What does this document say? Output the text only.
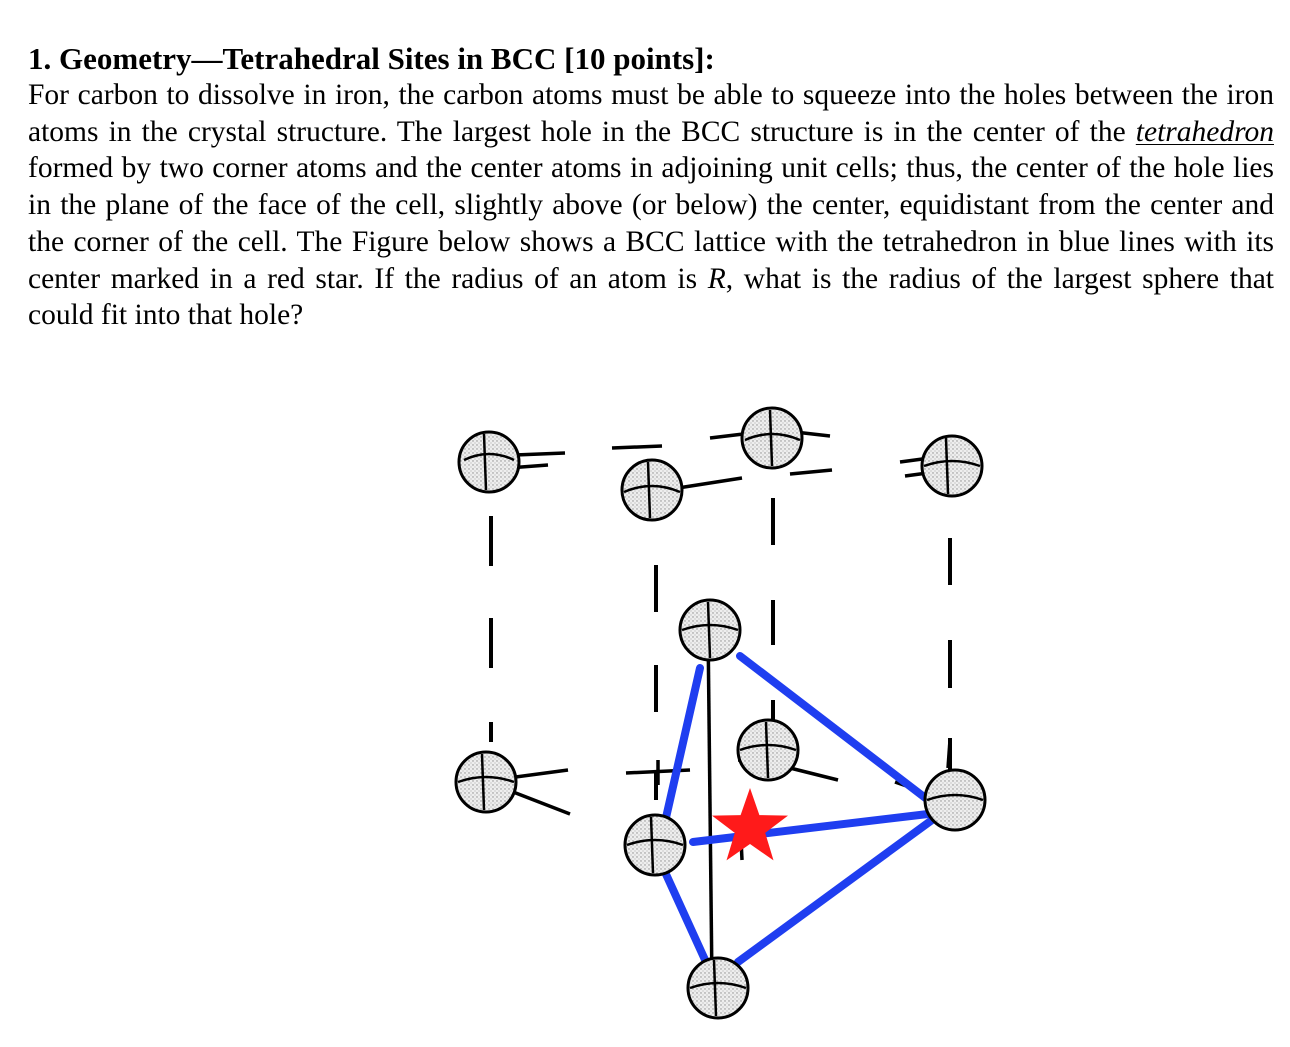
1. Geometry—Tetrahedral Sites in BCC [10 points]:

For carbon to dissolve in iron, the carbon atoms must be able to squeeze into the holes between the iron atoms in the crystal structure. The largest hole in the BCC structure is in the center of the tetrahedron formed by two corner atoms and the center atoms in adjoining unit cells; thus, the center of the hole lies in the plane of the face of the cell, slightly above (or below) the center, equidistant from the center and the corner of the cell. The Figure below shows a BCC lattice with the tetrahedron in blue lines with its center marked in a red star. If the radius of an atom is R, what is the radius of the largest sphere that could fit into that hole?
